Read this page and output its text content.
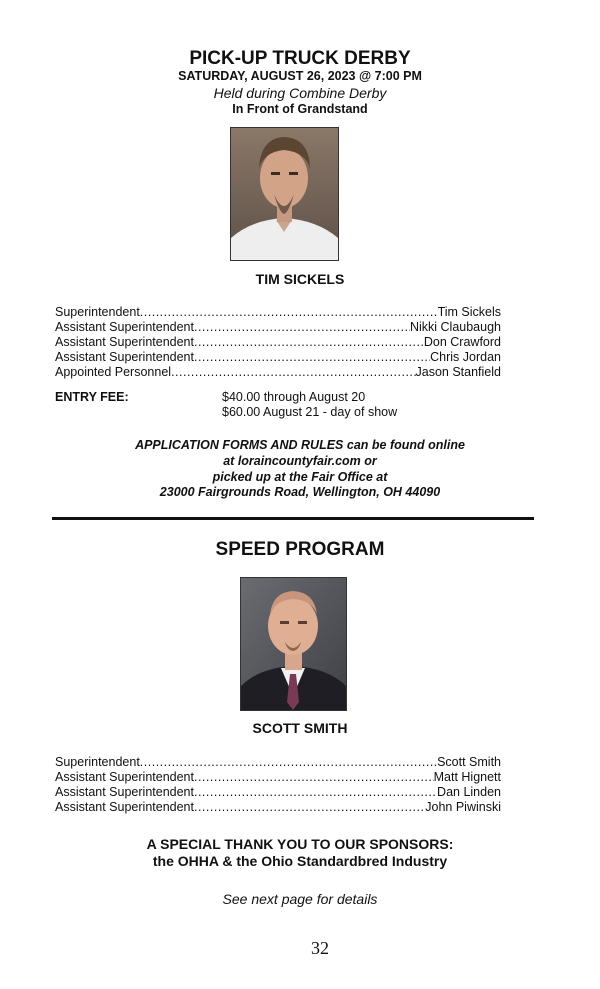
PICK-UP TRUCK DERBY
SATURDAY, AUGUST 26, 2023 @ 7:00 PM
Held during Combine Derby
In Front of Grandstand
TIM SICKELS
Superintendent .....	Tim Sickels
Assistant Superintendent .....	Nikki Claubaugh
Assistant Superintendent .....	Don Crawford
Assistant Superintendent .....	Chris Jordan
Appointed Personnel .....	Jason Stanfield
ENTRY FEE:	$40.00 through August 20
$60.00 August 21 - day of show
APPLICATION FORMS AND RULES can be found online
at loraincountyfair.com or
picked up at the Fair Office at
23000 Fairgrounds Road, Wellington, OH 44090
SPEED PROGRAM
SCOTT SMITH
Superintendent .....	Scott Smith
Assistant Superintendent .....	Matt Hignett
Assistant Superintendent .....	Dan Linden
Assistant Superintendent .....	John Piwinski
A SPECIAL THANK YOU TO OUR SPONSORS:
the OHHA & the Ohio Standardbred Industry
See next page for details
32
